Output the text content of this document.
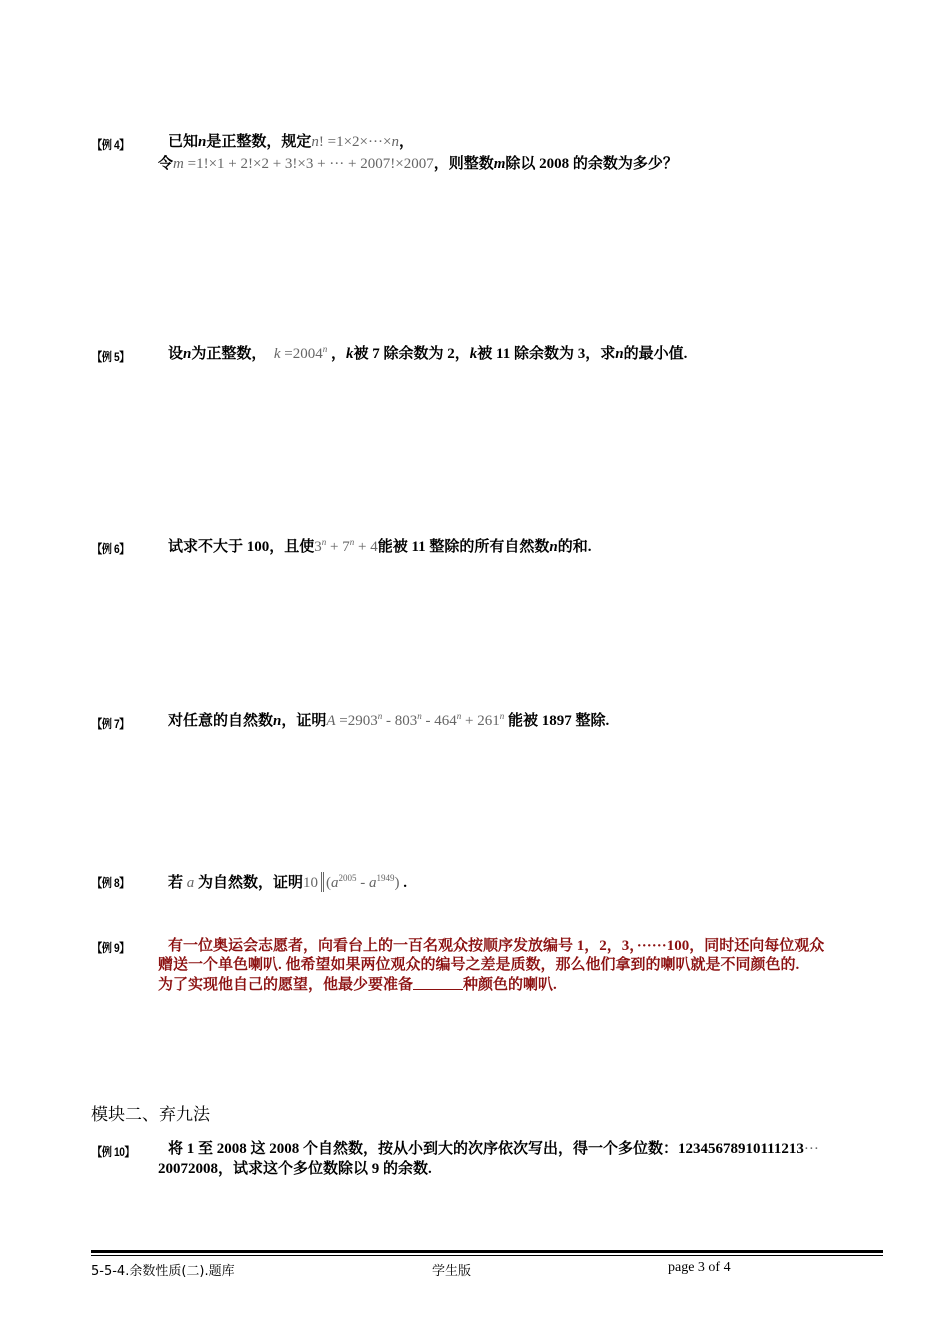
【例 4】	已知n是正整数，规定n! =1×2×···×n，
令m =1!×1 + 2!×2 + 3!×3 + ··· + 2007!×2007，则整数m除以 2008 的余数为多少？
【例 5】	设n为正整数， $k =2004^n$ ，k被 7 除余数为 2，k被 11 除余数为 3，求n的最小值.
【例 6】	试求不大于 100，且使$3^n + 7^n + 4$能被 11 整除的所有自然数n的和.
【例 7】	对任意的自然数n，证明$A =2903^n - 803^n - 464^n + 261^n$ 能被 1897 整除.
【例 8】	若 a 为自然数，证明10 $(a^{2005} - a^{1949})$ .
【例 9】	有一位奥运会志愿者，向看台上的一百名观众按顺序发放编号 1，2，3，······100，同时还向每位观众
赠送一个单色喇叭. 他希望如果两位观众的编号之差是质数，那么他们拿到的喇叭就是不同颜色的.
为了实现他自己的愿望，他最少要准备	种颜色的喇叭.
模块二、弃九法
【例 10】 将 1 至 2008 这 2008 个自然数，按从小到大的次序依次写出，得一个多位数：12345678910111213···
20072008，试求这个多位数除以 9 的余数.
5-5-4.余数性质(二).题库	学生版	page 3 of 4
